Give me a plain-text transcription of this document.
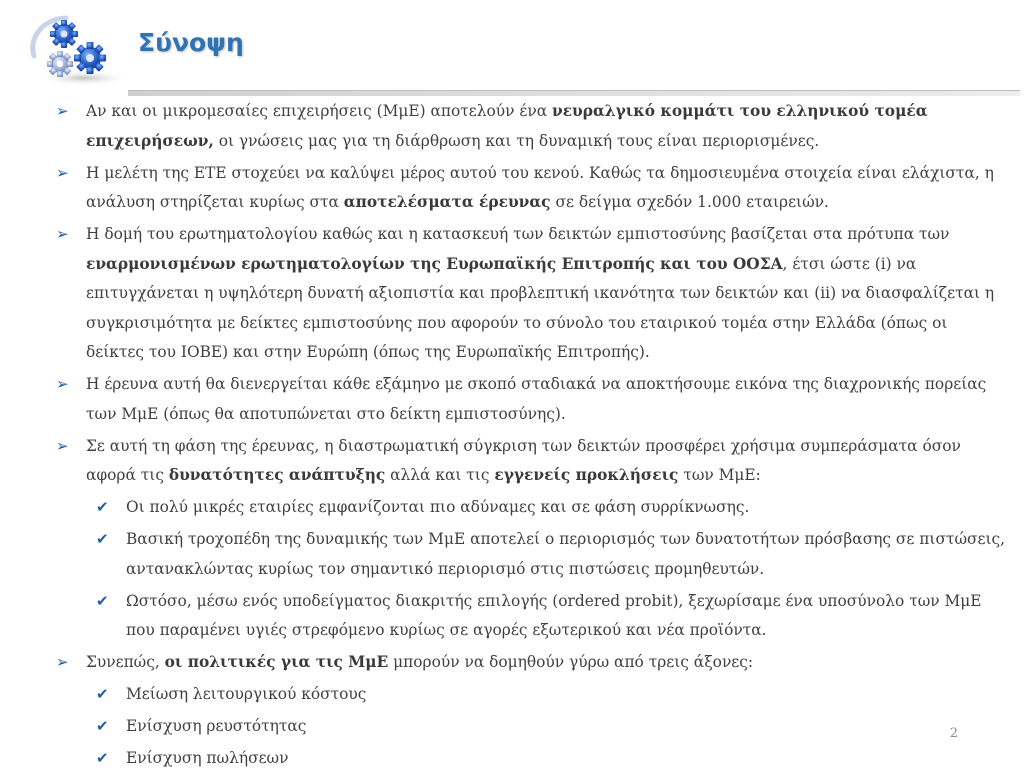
Σύνοψη
➢ Αν και οι μικρομεσαίες επιχειρήσεις (ΜμΕ) αποτελούν ένα νευραλγικό κομμάτι του ελληνικού τομέα επιχειρήσεων, οι γνώσεις μας για τη διάρθρωση και τη δυναμική τους είναι περιορισμένες.
➢ Η μελέτη της ΕΤΕ στοχεύει να καλύψει μέρος αυτού του κενού. Καθώς τα δημοσιευμένα στοιχεία είναι ελάχιστα, η ανάλυση στηρίζεται κυρίως στα αποτελέσματα έρευνας σε δείγμα σχεδόν 1.000 εταιρειών.
➢ Η δομή του ερωτηματολογίου καθώς και η κατασκευή των δεικτών εμπιστοσύνης βασίζεται στα πρότυπα των εναρμονισμένων ερωτηματολογίων της Ευρωπαϊκής Επιτροπής και του ΟΟΣΑ, έτσι ώστε (i) να επιτυγχάνεται η υψηλότερη δυνατή αξιοπιστία και προβλεπτική ικανότητα των δεικτών και (ii) να διασφαλίζεται η συγκρισιμότητα με δείκτες εμπιστοσύνης που αφορούν το σύνολο του εταιρικού τομέα στην Ελλάδα (όπως οι δείκτες του ΙΟΒΕ) και στην Ευρώπη (όπως της Ευρωπαϊκής Επιτροπής).
➢ Η έρευνα αυτή θα διενεργείται κάθε εξάμηνο με σκοπό σταδιακά να αποκτήσουμε εικόνα της διαχρονικής πορείας των ΜμΕ (όπως θα αποτυπώνεται στο δείκτη εμπιστοσύνης).
➢ Σε αυτή τη φάση της έρευνας, η διαστρωματική σύγκριση των δεικτών προσφέρει χρήσιμα συμπεράσματα όσον αφορά τις δυνατότητες ανάπτυξης αλλά και τις εγγενείς προκλήσεις των ΜμΕ:
✔ Οι πολύ μικρές εταιρίες εμφανίζονται πιο αδύναμες και σε φάση συρρίκνωσης.
✔ Βασική τροχοπέδη της δυναμικής των ΜμΕ αποτελεί ο περιορισμός των δυνατοτήτων πρόσβασης σε πιστώσεις, αντανακλώντας κυρίως τον σημαντικό περιορισμό στις πιστώσεις προμηθευτών.
✔ Ωστόσο, μέσω ενός υποδείγματος διακριτής επιλογής (ordered probit), ξεχωρίσαμε ένα υποσύνολο των ΜμΕ που παραμένει υγιές στρεφόμενο κυρίως σε αγορές εξωτερικού και νέα προϊόντα.
➢ Συνεπώς, οι πολιτικές για τις ΜμΕ μπορούν να δομηθούν γύρω από τρεις άξονες:
✔ Μείωση λειτουργικού κόστους
✔ Ενίσχυση ρευστότητας
✔ Ενίσχυση πωλήσεων
2
